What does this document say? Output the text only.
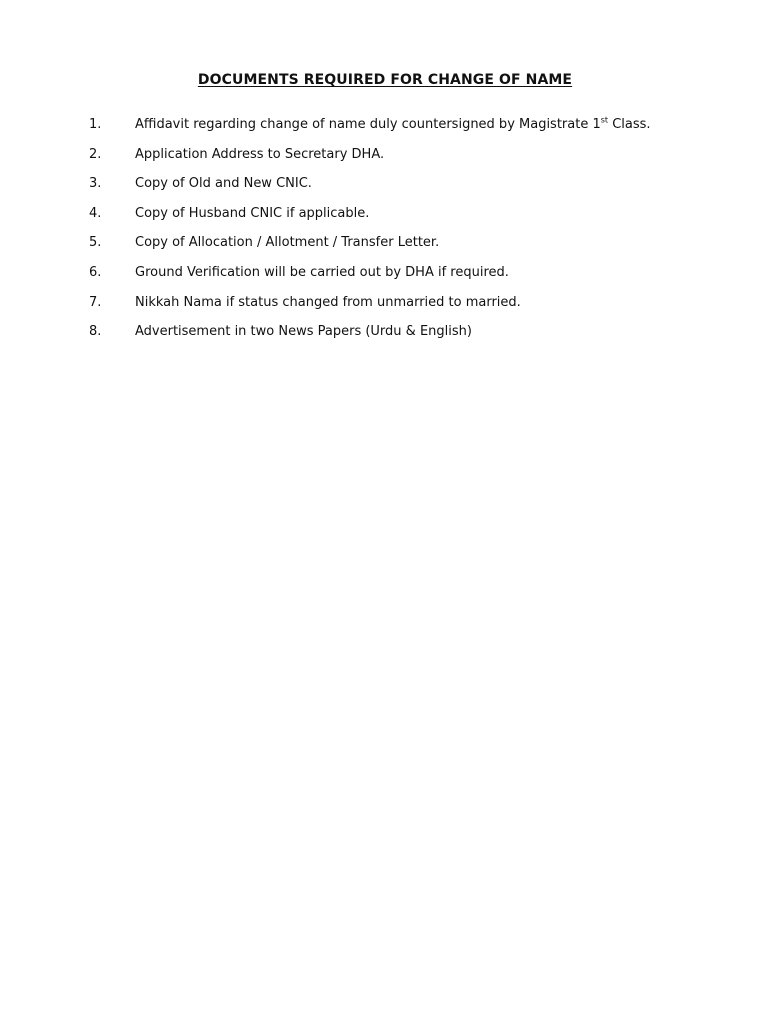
DOCUMENTS REQUIRED FOR CHANGE OF NAME
1.	Affidavit regarding change of name duly countersigned by Magistrate 1st Class.
2.	Application Address to Secretary DHA.
3.	Copy of Old and New CNIC.
4.	Copy of Husband CNIC if applicable.
5.	Copy of Allocation / Allotment / Transfer Letter.
6.	Ground Verification will be carried out by DHA if required.
7.	Nikkah Nama if status changed from unmarried to married.
8.	Advertisement in two News Papers (Urdu & English)
